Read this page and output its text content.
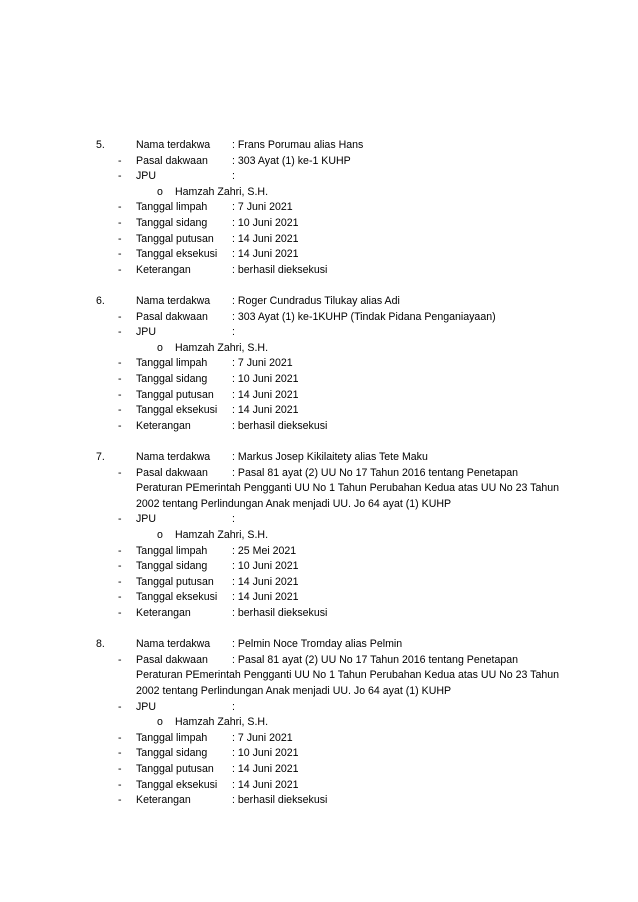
5.	Nama terdakwa : Frans Porumau alias Hans
- Pasal dakwaan : 303 Ayat (1) ke-1 KUHP
- JPU	:
o Hamzah Zahri, S.H.
- Tanggal limpah : 7 Juni 2021
- Tanggal sidang : 10 Juni 2021
- Tanggal putusan : 14 Juni 2021
- Tanggal eksekusi : 14 Juni 2021
- Keterangan	: berhasil dieksekusi
6.	Nama terdakwa : Roger Cundradus Tilukay alias Adi
- Pasal dakwaan : 303 Ayat (1) ke-1KUHP (Tindak Pidana Penganiayaan)
- JPU	:
o Hamzah Zahri, S.H.
- Tanggal limpah : 7 Juni 2021
- Tanggal sidang : 10 Juni 2021
- Tanggal putusan : 14 Juni 2021
- Tanggal eksekusi : 14 Juni 2021
- Keterangan	: berhasil dieksekusi
7.	Nama terdakwa : Markus Josep Kikilaitety alias Tete Maku
- Pasal dakwaan : Pasal 81 ayat (2) UU No 17 Tahun 2016 tentang Penetapan
Peraturan PEmerintah Pengganti UU No 1 Tahun Perubahan Kedua atas UU No 23 Tahun
2002 tentang Perlindungan Anak menjadi UU. Jo 64 ayat (1) KUHP
- JPU	:
o Hamzah Zahri, S.H.
- Tanggal limpah : 25 Mei 2021
- Tanggal sidang : 10 Juni 2021
- Tanggal putusan : 14 Juni 2021
- Tanggal eksekusi : 14 Juni 2021
- Keterangan	: berhasil dieksekusi
8.	Nama terdakwa : Pelmin Noce Tromday alias Pelmin
- Pasal dakwaan : Pasal 81 ayat (2) UU No 17 Tahun 2016 tentang Penetapan
Peraturan PEmerintah Pengganti UU No 1 Tahun Perubahan Kedua atas UU No 23 Tahun
2002 tentang Perlindungan Anak menjadi UU. Jo 64 ayat (1) KUHP
- JPU	:
o Hamzah Zahri, S.H.
- Tanggal limpah : 7 Juni 2021
- Tanggal sidang : 10 Juni 2021
- Tanggal putusan : 14 Juni 2021
- Tanggal eksekusi : 14 Juni 2021
- Keterangan	: berhasil dieksekusi
